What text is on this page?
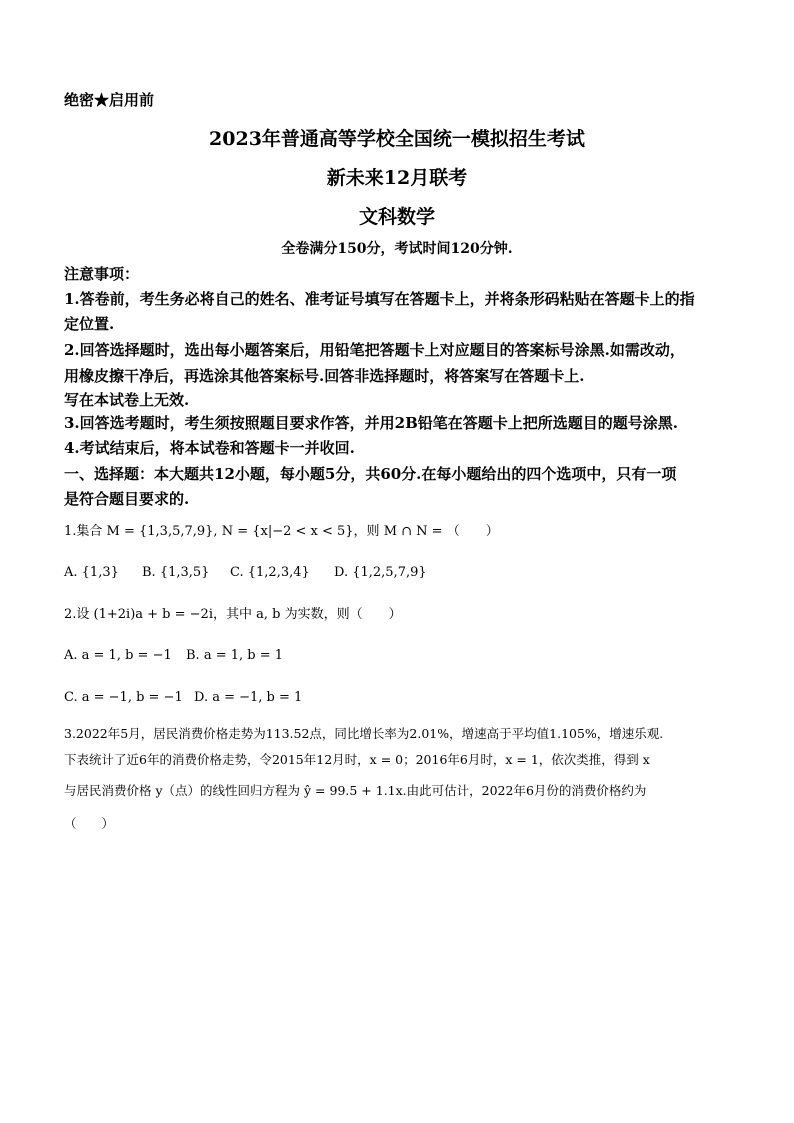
绝密★启用前
2023年普通高等学校全国统一模拟招生考试
新未来12月联考
文科数学
全卷满分150分，考试时间120分钟.
注意事项：
1.答卷前，考生务必将自己的姓名、准考证号填写在答题卡上，并将条形码粘贴在答题卡上的指
定位置.
2.回答选择题时，选出每小题答案后，用铅笔把答题卡上对应题目的答案标号涂黑.如需改动，
用橡皮擦干净后，再选涂其他答案标号.回答非选择题时，将答案写在答题卡上.
写在本试卷上无效.
3.回答选考题时，考生须按照题目要求作答，并用2B铅笔在答题卡上把所选题目的题号涂黑.
4.考试结束后，将本试卷和答题卡一并收回.
一、选择题：本大题共12小题，每小题5分，共60分.在每小题给出的四个选项中，只有一项
是符合题目要求的.
1.集合 M = {1,3,5,7,9}, N = {x|−2 < x < 5}，则 M ∩ N = （　　）
A. {1,3} B. {1,3,5} C. {1,2,3,4} D. {1,2,5,7,9}
2.设 (1+2i)a + b = −2i，其中 a, b 为实数，则（　　）
A. a = 1, b = −1 B. a = 1, b = 1
C. a = −1, b = −1 D. a = −1, b = 1
3.2022年5月，居民消费价格走势为113.52点，同比增长率为2.01%，增速高于平均值1.105%，增速乐观.
下表统计了近6年的消费价格走势，令2015年12月时，x = 0；2016年6月时，x = 1，依次类推，得到 x
与居民消费价格 y（点）的线性回归方程为 ŷ = 99.5 + 1.1x.由此可估计，2022年6月份的消费价格约为
（　　）
